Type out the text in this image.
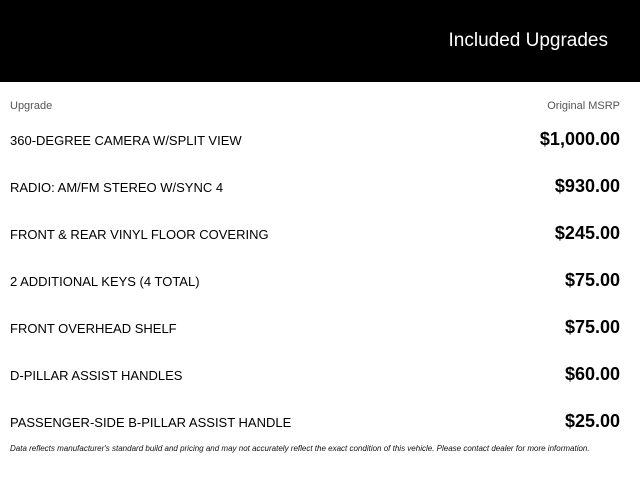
Included Upgrades
Upgrade	Original MSRP
360-DEGREE CAMERA W/SPLIT VIEW	$1,000.00
RADIO: AM/FM STEREO W/SYNC 4	$930.00
FRONT & REAR VINYL FLOOR COVERING	$245.00
2 ADDITIONAL KEYS (4 TOTAL)	$75.00
FRONT OVERHEAD SHELF	$75.00
D-PILLAR ASSIST HANDLES	$60.00
PASSENGER-SIDE B-PILLAR ASSIST HANDLE	$25.00
Data reflects manufacturer's standard build and pricing and may not accurately reflect the exact condition of this vehicle. Please contact dealer for more information.
